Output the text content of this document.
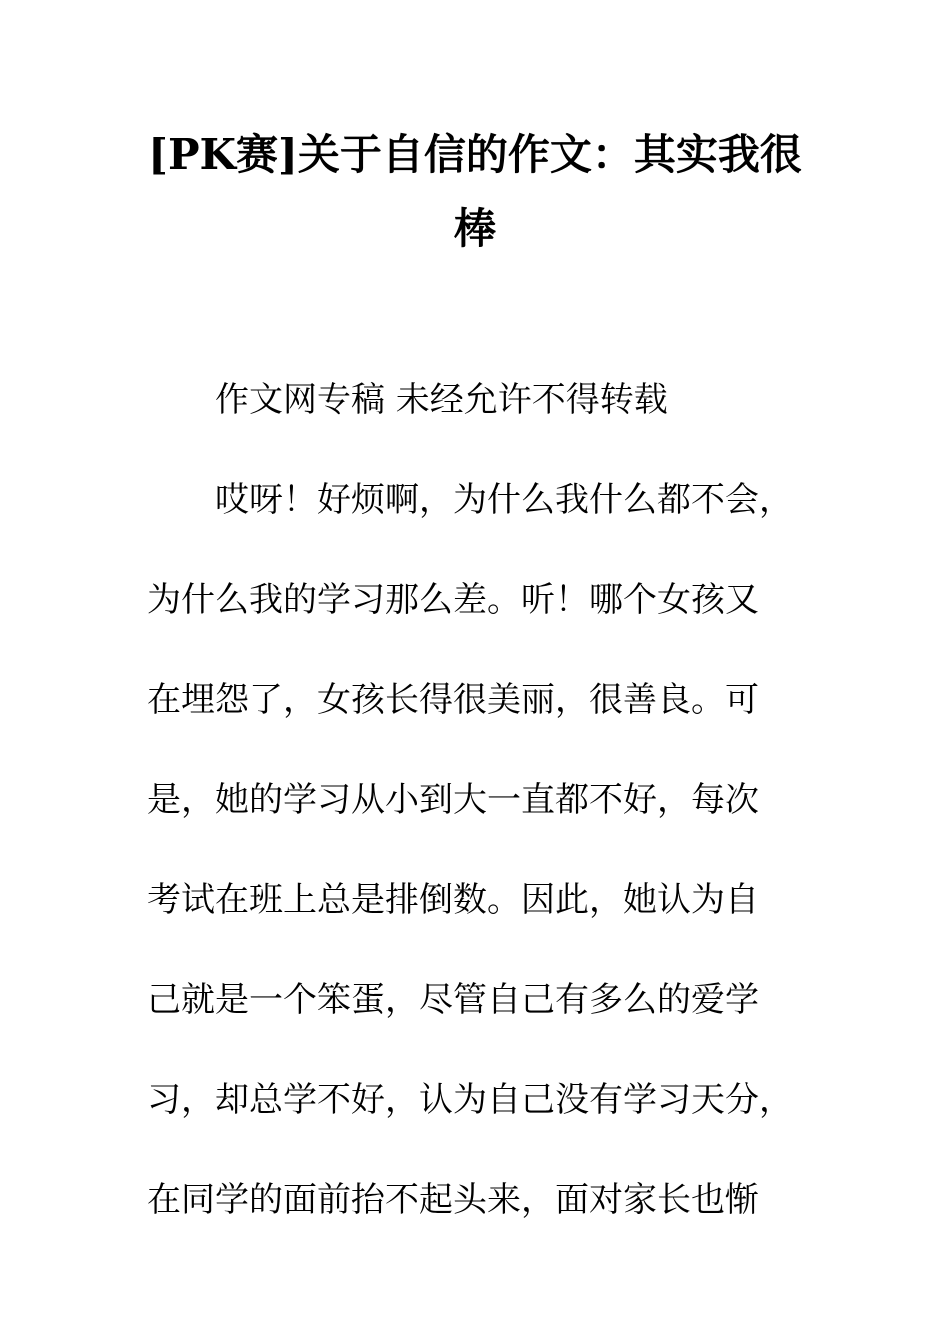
[PK赛]关于自信的作文：其实我很
棒

作文网专稿 未经允许不得转载

哎呀！好烦啊，为什么我什么都不会，

为什么我的学习那么差。听！哪个女孩又

在埋怨了，女孩长得很美丽，很善良。可

是，她的学习从小到大一直都不好，每次

考试在班上总是排倒数。因此，她认为自

己就是一个笨蛋，尽管自己有多么的爱学

习，却总学不好，认为自己没有学习天分，

在同学的面前抬不起头来，面对家长也惭
